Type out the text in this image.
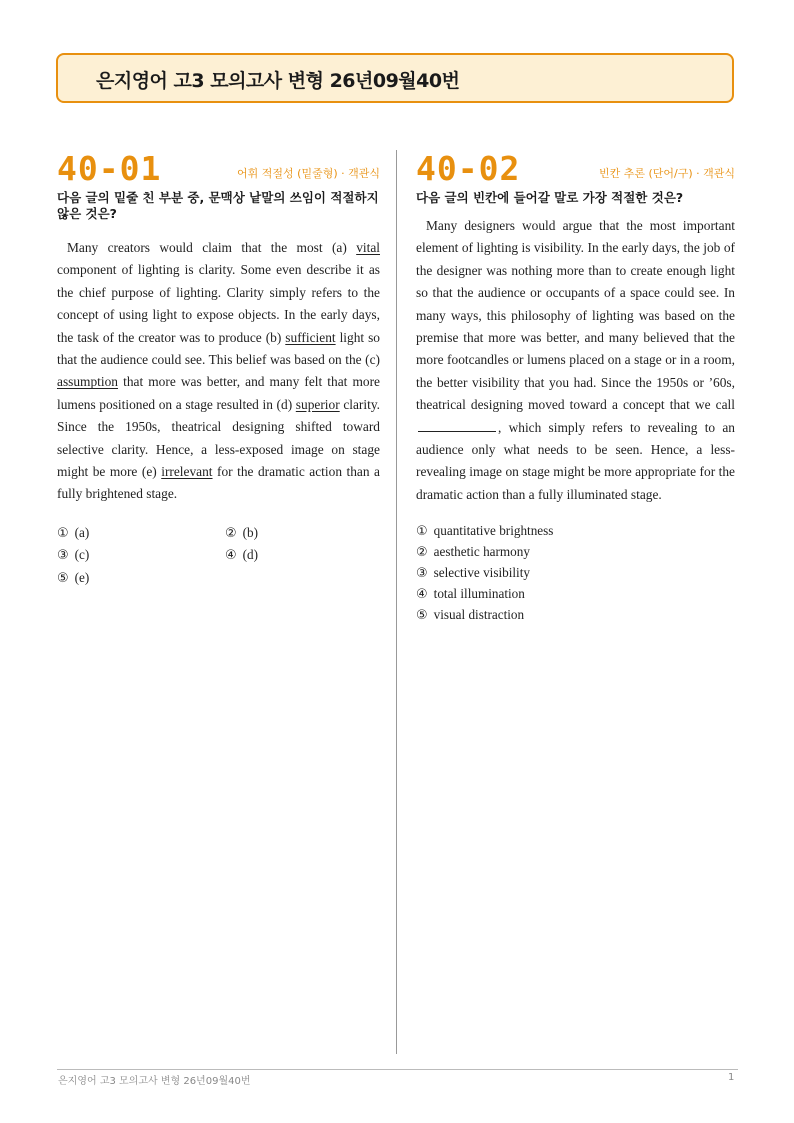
은지영어 고3 모의고사 변형 26년09월40번
40-01	어휘 적절성 (밑줄형) · 객관식
다음 글의 밑줄 친 부분 중, 문맥상 낱말의 쓰임이 적절하지 않은 것은?
Many creators would claim that the most (a) vital component of lighting is clarity. Some even describe it as the chief purpose of lighting. Clarity simply refers to the concept of using light to expose objects. In the early days, the task of the creator was to produce (b) sufficient light so that the audience could see. This belief was based on the (c) assumption that more was better, and many felt that more lumens positioned on a stage resulted in (d) superior clarity. Since the 1950s, theatrical designing shifted toward selective clarity. Hence, a less-exposed image on stage might be more (e) irrelevant for the dramatic action than a fully brightened stage.
① (a)	② (b)
③ (c)	④ (d)
⑤ (e)
40-02	빈칸 추론 (단어/구) · 객관식
다음 글의 빈칸에 들어갈 말로 가장 적절한 것은?
Many designers would argue that the most important element of lighting is visibility. In the early days, the job of the designer was nothing more than to create enough light so that the audience or occupants of a space could see. In many ways, this philosophy of lighting was based on the premise that more was better, and many believed that the more footcandles or lumens placed on a stage or in a room, the better visibility that you had. Since the 1950s or ’60s, theatrical designing moved toward a concept that we call , which simply refers to revealing to an audience only what needs to be seen. Hence, a less-revealing image on stage might be more appropriate for the dramatic action than a fully illuminated stage.
① quantitative brightness
② aesthetic harmony
③ selective visibility
④ total illumination
⑤ visual distraction
은지영어 고3 모의고사 변형 26년09월40번	1
